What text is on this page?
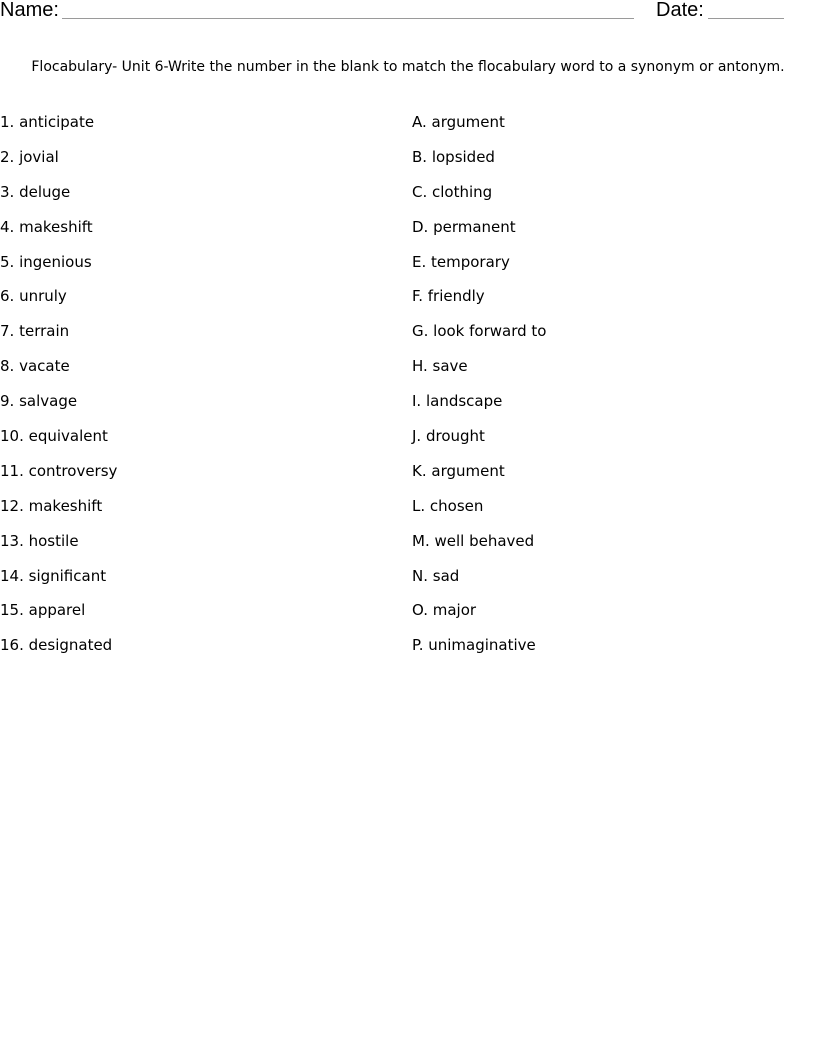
Name:	Date:
Flocabulary- Unit 6-Write the number in the blank to match the flocabulary word to a synonym or antonym.
1. anticipate
2. jovial
3. deluge
4. makeshift
5. ingenious
6. unruly
7. terrain
8. vacate
9. salvage
10. equivalent
11. controversy
12. makeshift
13. hostile
14. significant
15. apparel
16. designated
A. argument
B. lopsided
C. clothing
D. permanent
E. temporary
F. friendly
G. look forward to
H. save
I. landscape
J. drought
K. argument
L. chosen
M. well behaved
N. sad
O. major
P. unimaginative
